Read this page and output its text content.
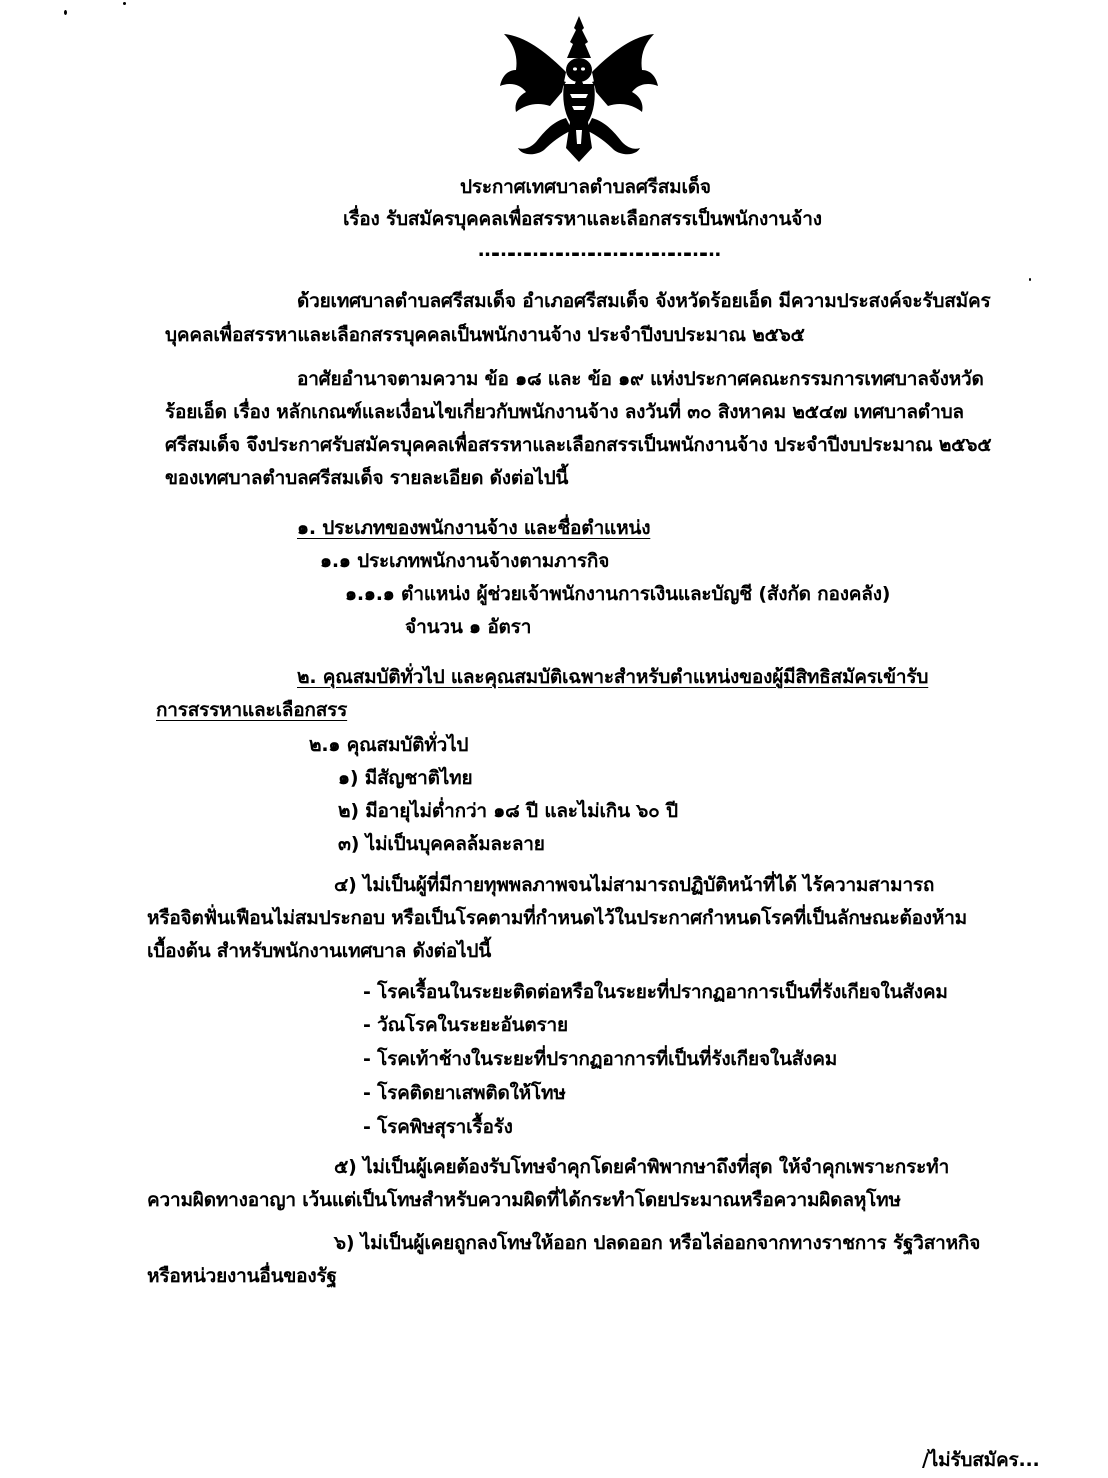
ประกาศเทศบาลตำบลศรีสมเด็จ
เรื่อง รับสมัครบุคคลเพื่อสรรหาและเลือกสรรเป็นพนักงานจ้าง
………………………………………
ด้วยเทศบาลตำบลศรีสมเด็จ อำเภอศรีสมเด็จ จังหวัดร้อยเอ็ด มีความประสงค์จะรับสมัคร
บุคคลเพื่อสรรหาและเลือกสรรบุคคลเป็นพนักงานจ้าง ประจำปีงบประมาณ ๒๕๖๕
อาศัยอำนาจตามความ ข้อ ๑๘ และ ข้อ ๑๙ แห่งประกาศคณะกรรมการเทศบาลจังหวัด
ร้อยเอ็ด เรื่อง หลักเกณฑ์และเงื่อนไขเกี่ยวกับพนักงานจ้าง ลงวันที่ ๓๐ สิงหาคม ๒๕๔๗ เทศบาลตำบล
ศรีสมเด็จ จึงประกาศรับสมัครบุคคลเพื่อสรรหาและเลือกสรรเป็นพนักงานจ้าง ประจำปีงบประมาณ ๒๕๖๕
ของเทศบาลตำบลศรีสมเด็จ รายละเอียด ดังต่อไปนี้
๑. ประเภทของพนักงานจ้าง และชื่อตำแหน่ง
๑.๑ ประเภทพนักงานจ้างตามภารกิจ
๑.๑.๑ ตำแหน่ง ผู้ช่วยเจ้าพนักงานการเงินและบัญชี (สังกัด กองคลัง)
จำนวน ๑ อัตรา
๒. คุณสมบัติทั่วไป และคุณสมบัติเฉพาะสำหรับตำแหน่งของผู้มีสิทธิสมัครเข้ารับ
การสรรหาและเลือกสรร
๒.๑ คุณสมบัติทั่วไป
๑) มีสัญชาติไทย
๒) มีอายุไม่ต่ำกว่า ๑๘ ปี และไม่เกิน ๖๐ ปี
๓) ไม่เป็นบุคคลล้มละลาย
๔) ไม่เป็นผู้ที่มีกายทุพพลภาพจนไม่สามารถปฏิบัติหน้าที่ได้ ไร้ความสามารถ
หรือจิตฟั่นเฟือนไม่สมประกอบ หรือเป็นโรคตามที่กำหนดไว้ในประกาศกำหนดโรคที่เป็นลักษณะต้องห้าม
เบื้องต้น สำหรับพนักงานเทศบาล ดังต่อไปนี้
- โรคเรื้อนในระยะติดต่อหรือในระยะที่ปรากฏอาการเป็นที่รังเกียจในสังคม
- วัณโรคในระยะอันตราย
- โรคเท้าช้างในระยะที่ปรากฏอาการที่เป็นที่รังเกียจในสังคม
- โรคติดยาเสพติดให้โทษ
- โรคพิษสุราเรื้อรัง
๕) ไม่เป็นผู้เคยต้องรับโทษจำคุกโดยคำพิพากษาถึงที่สุด ให้จำคุกเพราะกระทำ
ความผิดทางอาญา เว้นแต่เป็นโทษสำหรับความผิดที่ได้กระทำโดยประมาณหรือความผิดลหุโทษ
๖) ไม่เป็นผู้เคยถูกลงโทษให้ออก ปลดออก หรือไล่ออกจากทางราชการ รัฐวิสาหกิจ
หรือหน่วยงานอื่นของรัฐ
/ไม่รับสมัคร...
